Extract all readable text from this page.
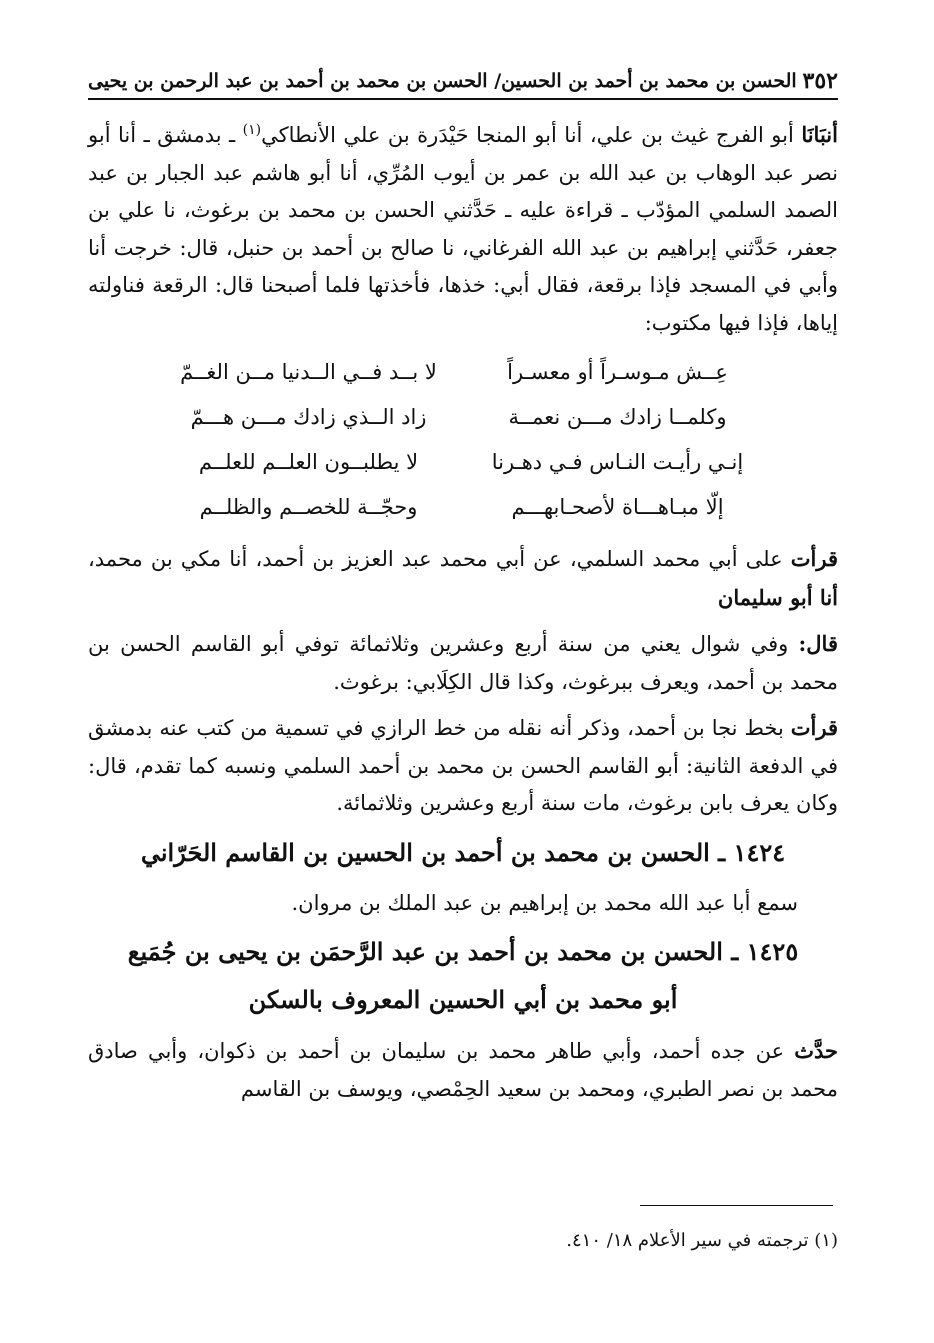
٣٥٢
الحسن بن محمد بن أحمد بن الحسين/ الحسن بن محمد بن أحمد بن عبد الرحمن بن يحيى

أنبَانَا أبو الفرج غيث بن علي، أنا أبو المنجا حَيْدَرة بن علي الأنطاكي$^{(١)}$ ـ بدمشق ـ أنا أبو نصر عبد الوهاب بن عبد الله بن عمر بن أيوب المُرِّي، أنا أبو هاشم عبد الجبار بن عبد الصمد السلمي المؤدّب ـ قراءة عليه ـ حَدَّثني الحسن بن محمد بن برغوث، نا علي بن جعفر، حَدَّثني إبراهيم بن عبد الله الفرغاني، نا صالح بن أحمد بن حنبل، قال: خرجت أنا وأبي في المسجد فإذا برقعة، فقال أبي: خذها، فأخذتها فلما أصبحنا قال: الرقعة فناولته إياها، فإذا فيها مكتوب:

عِــش مـوسـراً أو معسـراً
لا بــد فــي الــدنيا مــن الغــمّ
وكلمــا زادك مـــن نعمــة
زاد الــذي زادك مـــن هـــمّ
إنـي رأيـت النـاس فـي دهـرنا
لا يطلبــون العلــم للعلــم
إلّا مبـاهـــاة لأصحـابهـــم
وحجّــة للخصــم والظلــم

قرأت على أبي محمد السلمي، عن أبي محمد عبد العزيز بن أحمد، أنا مكي بن محمد، أنا أبو سليمان

قال: وفي شوال يعني من سنة أربع وعشرين وثلاثمائة توفي أبو القاسم الحسن بن محمد بن أحمد، ويعرف ببرغوث، وكذا قال الكِلَابي: برغوث.

قرأت بخط نجا بن أحمد، وذكر أنه نقله من خط الرازي في تسمية من كتب عنه بدمشق في الدفعة الثانية: أبو القاسم الحسن بن محمد بن أحمد السلمي ونسبه كما تقدم، قال: وكان يعرف بابن برغوث، مات سنة أربع وعشرين وثلاثمائة.

١٤٢٤ ـ الحسن بن محمد بن أحمد بن الحسين بن القاسم الحَرّاني

سمع أبا عبد الله محمد بن إبراهيم بن عبد الملك بن مروان.

١٤٢٥ ـ الحسن بن محمد بن أحمد بن عبد الرَّحمَن بن يحيى بن جُمَيع
أبو محمد بن أبي الحسين المعروف بالسكن

حدَّث عن جده أحمد، وأبي طاهر محمد بن سليمان بن أحمد بن ذكوان، وأبي صادق محمد بن نصر الطبري، ومحمد بن سعيد الحِمْصي، ويوسف بن القاسم

(١) ترجمته في سير الأعلام ١٨/ ٤١٠.
